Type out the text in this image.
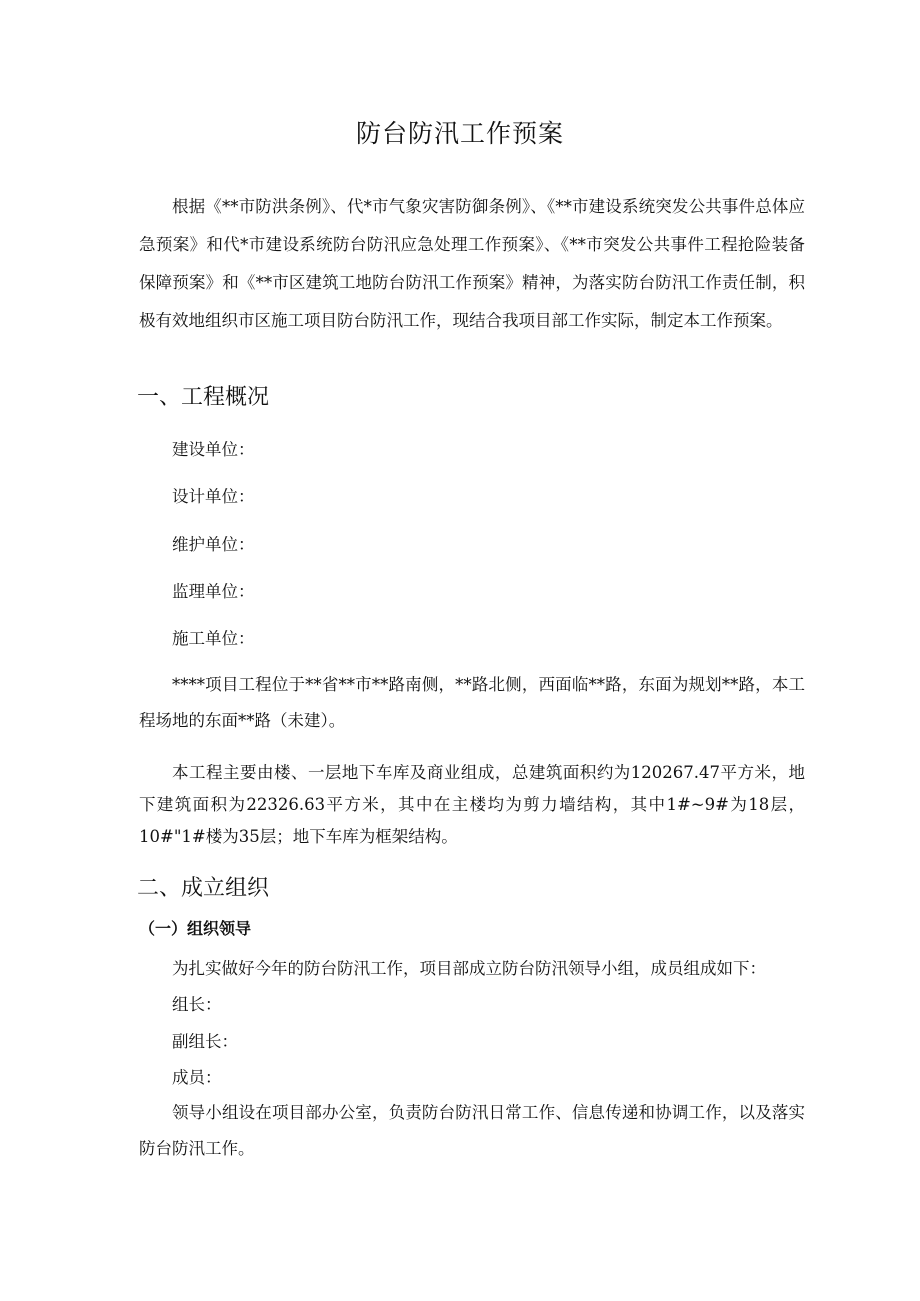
防台防汛工作预案
根据《**市防洪条例》、代*市气象灾害防御条例》、《**市建设系统突发公共事件总体应急预案》和代*市建设系统防台防汛应急处理工作预案》、《**市突发公共事件工程抢险装备保障预案》和《**市区建筑工地防台防汛工作预案》精神，为落实防台防汛工作责任制，积极有效地组织市区施工项目防台防汛工作，现结合我项目部工作实际，制定本工作预案。
一、工程概况
建设单位：
设计单位：
维护单位：
监理单位：
施工单位：
****项目工程位于**省**市**路南侧，**路北侧，西面临**路，东面为规划**路，本工程场地的东面**路（未建）。
本工程主要由楼、一层地下车库及商业组成，总建筑面积约为120267.47平方米，地下建筑面积为22326.63平方米，其中在主楼均为剪力墙结构，其中1#~9#为18层，10#"1#楼为35层；地下车库为框架结构。
二、成立组织
（一）组织领导
为扎实做好今年的防台防汛工作，项目部成立防台防汛领导小组，成员组成如下：
组长：
副组长：
成员：
领导小组设在项目部办公室，负责防台防汛日常工作、信息传递和协调工作，以及落实防台防汛工作。
